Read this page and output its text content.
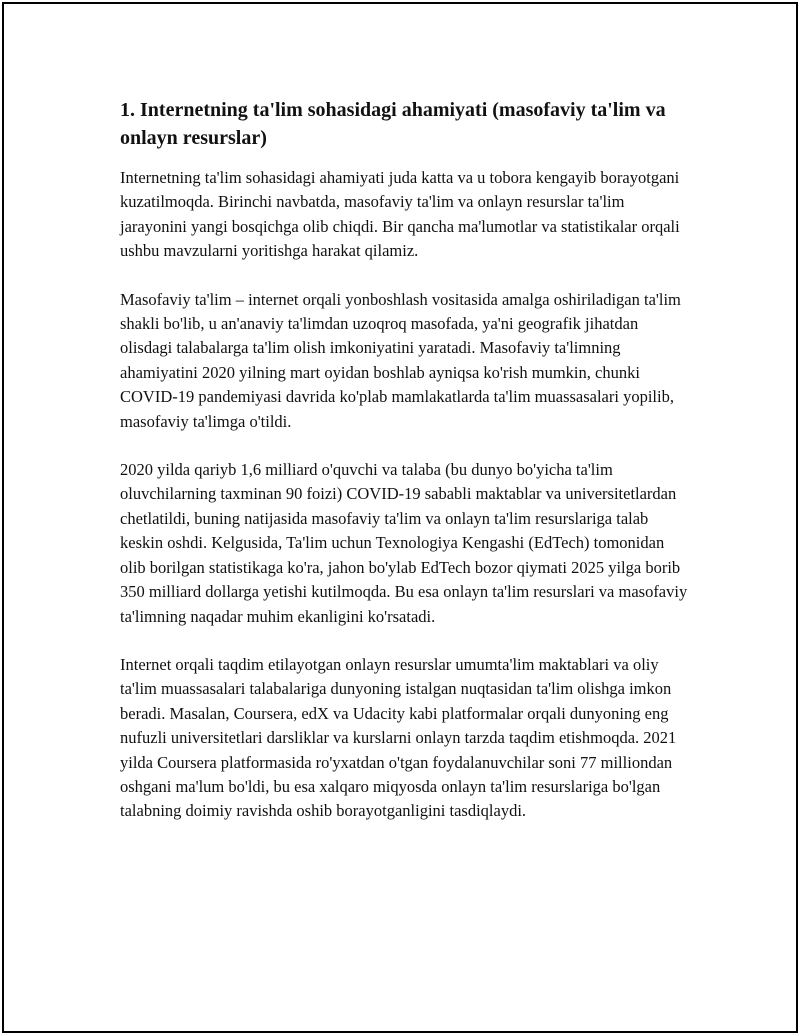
1. Internetning ta'lim sohasidagi ahamiyati (masofaviy ta'lim va onlayn resurslar)

Internetning ta'lim sohasidagi ahamiyati juda katta va u tobora kengayib borayotgani kuzatilmoqda. Birinchi navbatda, masofaviy ta'lim va onlayn resurslar ta'lim jarayonini yangi bosqichga olib chiqdi. Bir qancha ma'lumotlar va statistikalar orqali ushbu mavzularni yoritishga harakat qilamiz.

Masofaviy ta'lim – internet orqali yonboshlash vositasida amalga oshiriladigan ta'lim shakli bo'lib, u an'anaviy ta'limdan uzoqroq masofada, ya'ni geografik jihatdan olisdagi talabalarga ta'lim olish imkoniyatini yaratadi. Masofaviy ta'limning ahamiyatini 2020 yilning mart oyidan boshlab ayniqsa ko'rish mumkin, chunki COVID-19 pandemiyasi davrida ko'plab mamlakatlarda ta'lim muassasalari yopilib, masofaviy ta'limga o'tildi.

2020 yilda qariyb 1,6 milliard o'quvchi va talaba (bu dunyo bo'yicha ta'lim oluvchilarning taxminan 90 foizi) COVID-19 sababli maktablar va universitetlardan chetlatildi, buning natijasida masofaviy ta'lim va onlayn ta'lim resurslariga talab keskin oshdi. Kelgusida, Ta'lim uchun Texnologiya Kengashi (EdTech) tomonidan olib borilgan statistikaga ko'ra, jahon bo'ylab EdTech bozor qiymati 2025 yilga borib 350 milliard dollarga yetishi kutilmoqda. Bu esa onlayn ta'lim resurslari va masofaviy ta'limning naqadar muhim ekanligini ko'rsatadi.

Internet orqali taqdim etilayotgan onlayn resurslar umumta'lim maktablari va oliy ta'lim muassasalari talabalariga dunyoning istalgan nuqtasidan ta'lim olishga imkon beradi. Masalan, Coursera, edX va Udacity kabi platformalar orqali dunyoning eng nufuzli universitetlari darsliklar va kurslarni onlayn tarzda taqdim etishmoqda. 2021 yilda Coursera platformasida ro'yxatdan o'tgan foydalanuvchilar soni 77 milliondan oshgani ma'lum bo'ldi, bu esa xalqaro miqyosda onlayn ta'lim resurslariga bo'lgan talabning doimiy ravishda oshib borayotganligini tasdiqlaydi.
